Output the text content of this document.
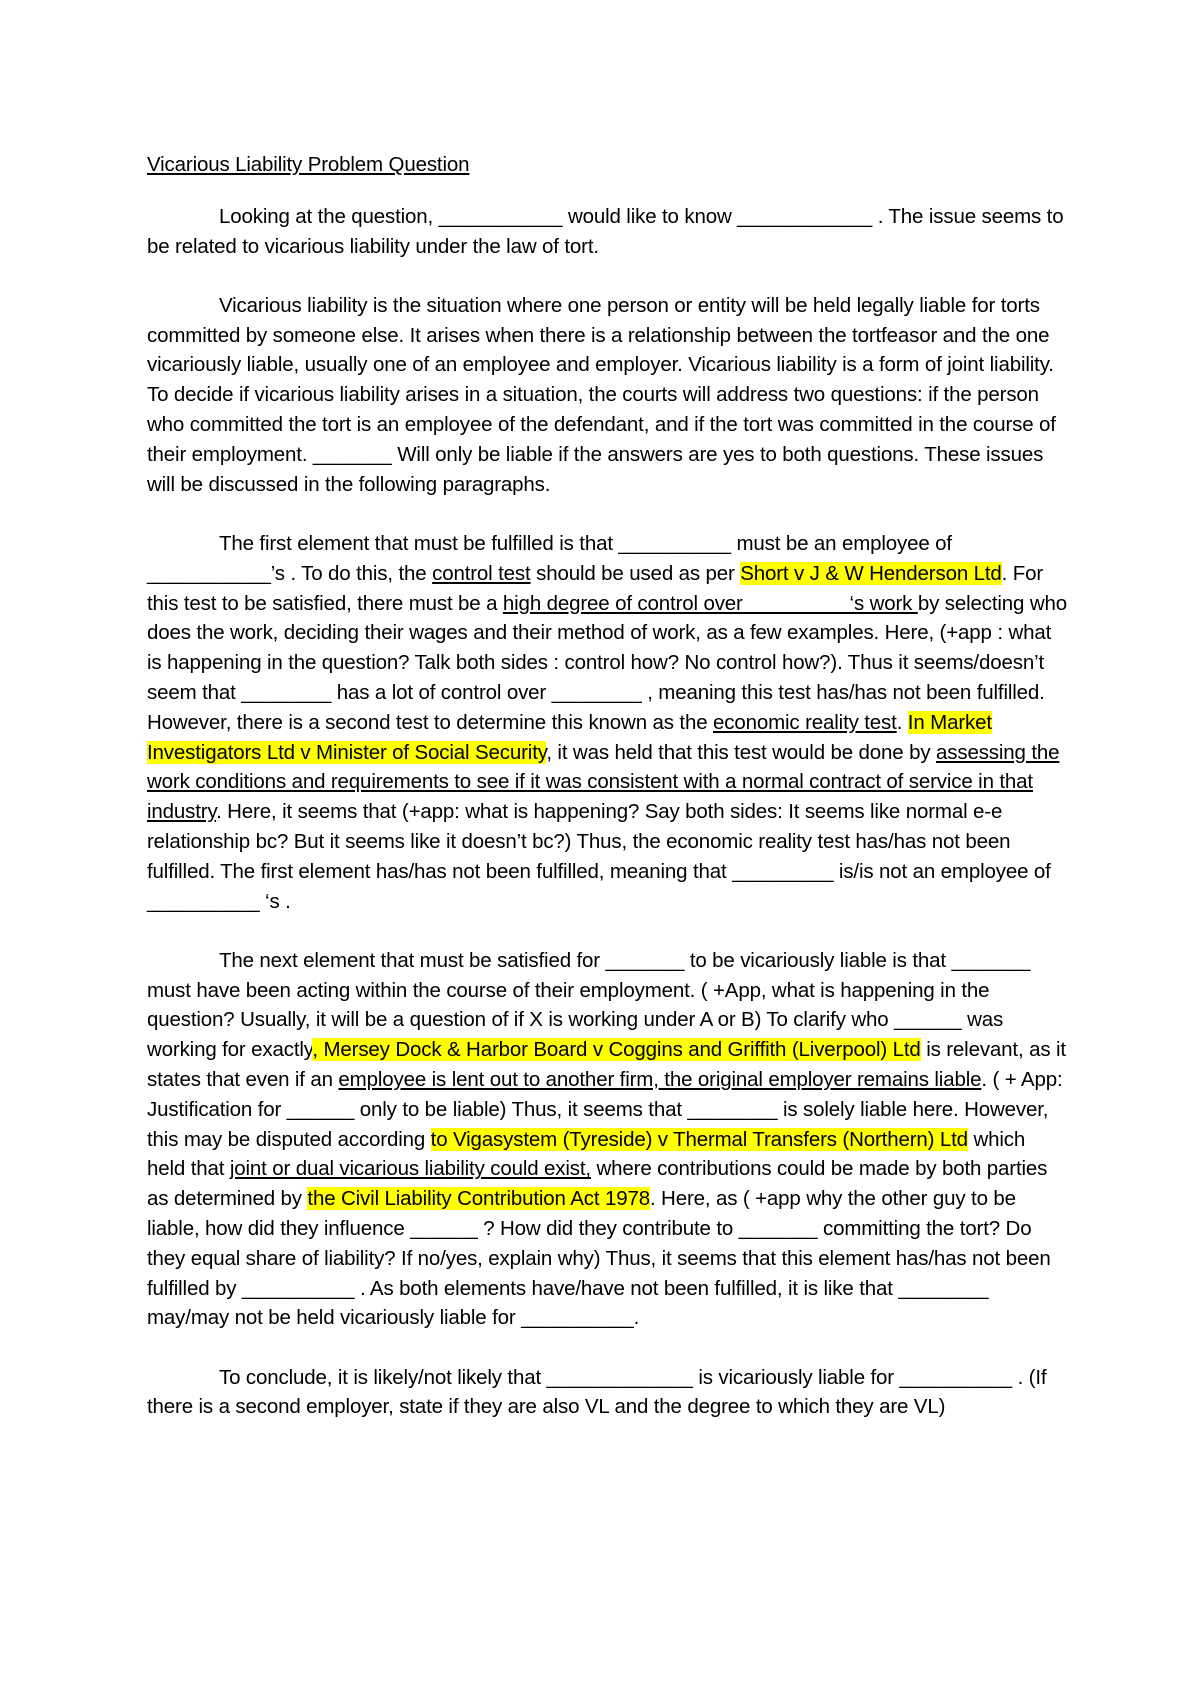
Vicarious Liability Problem Question

Looking at the question, ___________ would like to know ____________ . The issue seems to be related to vicarious liability under the law of tort.

Vicarious liability is the situation where one person or entity will be held legally liable for torts committed by someone else. It arises when there is a relationship between the tortfeasor and the one vicariously liable, usually one of an employee and employer. Vicarious liability is a form of joint liability. To decide if vicarious liability arises in a situation, the courts will address two questions: if the person who committed the tort is an employee of the defendant, and if the tort was committed in the course of their employment. _______ Will only be liable if the answers are yes to both questions. These issues will be discussed in the following paragraphs.

The first element that must be fulfilled is that __________ must be an employee of ___________’s . To do this, the control test should be used as per Short v J & W Henderson Ltd. For this test to be satisfied, there must be a high degree of control over _________‘s work by selecting who does the work, deciding their wages and their method of work, as a few examples. Here, (+app : what is happening in the question? Talk both sides : control how? No control how?). Thus it seems/doesn’t seem that ________ has a lot of control over ________ , meaning this test has/has not been fulfilled. However, there is a second test to determine this known as the economic reality test. In Market Investigators Ltd v Minister of Social Security, it was held that this test would be done by assessing the work conditions and requirements to see if it was consistent with a normal contract of service in that industry. Here, it seems that (+app: what is happening? Say both sides: It seems like normal e-e relationship bc? But it seems like it doesn’t bc?) Thus, the economic reality test has/has not been fulfilled. The first element has/has not been fulfilled, meaning that _________ is/is not an employee of __________ ‘s .

The next element that must be satisfied for _______ to be vicariously liable is that _______ must have been acting within the course of their employment. ( +App, what is happening in the question? Usually, it will be a question of if X is working under A or B) To clarify who ______ was working for exactly, Mersey Dock & Harbor Board v Coggins and Griffith (Liverpool) Ltd is relevant, as it states that even if an employee is lent out to another firm, the original employer remains liable. ( + App: Justification for ______ only to be liable) Thus, it seems that ________ is solely liable here. However, this may be disputed according to Vigasystem (Tyreside) v Thermal Transfers (Northern) Ltd which held that joint or dual vicarious liability could exist, where contributions could be made by both parties as determined by the Civil Liability Contribution Act 1978. Here, as ( +app why the other guy to be liable, how did they influence ______ ? How did they contribute to _______ committing the tort? Do they equal share of liability? If no/yes, explain why) Thus, it seems that this element has/has not been fulfilled by __________ . As both elements have/have not been fulfilled, it is like that ________ may/may not be held vicariously liable for __________.

To conclude, it is likely/not likely that _____________ is vicariously liable for __________ . (If there is a second employer, state if they are also VL and the degree to which they are VL)
